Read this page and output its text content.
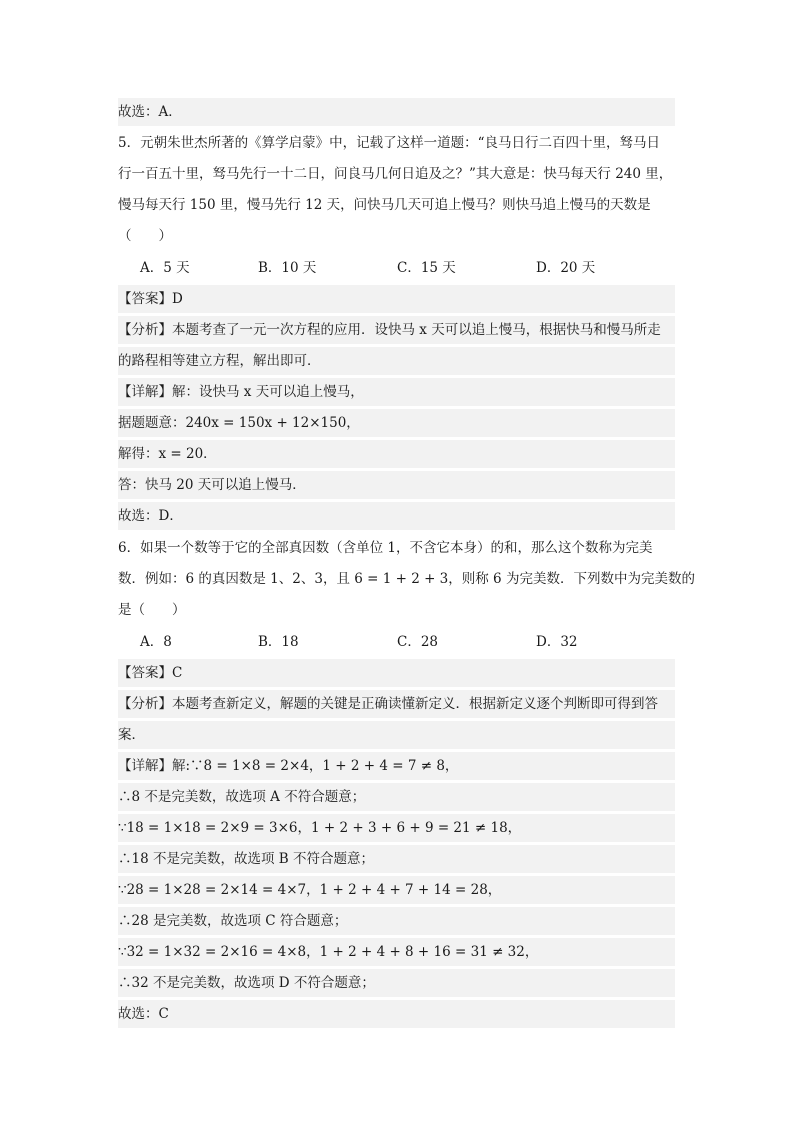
故选：A．
5．元朝朱世杰所著的《算学启蒙》中，记载了这样一道题：“良马日行二百四十里，驽马日
行一百五十里，驽马先行一十二日，问良马几何日追及之？”其大意是：快马每天行 240 里，
慢马每天行 150 里，慢马先行 12 天，问快马几天可追上慢马？则快马追上慢马的天数是
（　　）
A．5 天	B．10 天	C．15 天	D．20 天
【答案】D
【分析】本题考查了一元一次方程的应用．设快马 x 天可以追上慢马，根据快马和慢马所走
的路程相等建立方程，解出即可．
【详解】解：设快马 x 天可以追上慢马，
据题题意：240x = 150x + 12×150，
解得：x = 20．
答：快马 20 天可以追上慢马．
故选：D．
6．如果一个数等于它的全部真因数（含单位 1，不含它本身）的和，那么这个数称为完美
数．例如：6 的真因数是 1、2、3，且 6 = 1 + 2 + 3，则称 6 为完美数．下列数中为完美数的
是（　　）
A．8	B．18	C．28	D．32
【答案】C
【分析】本题考查新定义，解题的关键是正确读懂新定义．根据新定义逐个判断即可得到答
案．
【详解】解:∵8 = 1×8 = 2×4，1 + 2 + 4 = 7 ≠ 8，
∴8 不是完美数，故选项 A 不符合题意；
∵18 = 1×18 = 2×9 = 3×6，1 + 2 + 3 + 6 + 9 = 21 ≠ 18，
∴18 不是完美数，故选项 B 不符合题意；
∵28 = 1×28 = 2×14 = 4×7，1 + 2 + 4 + 7 + 14 = 28，
∴28 是完美数，故选项 C 符合题意；
∵32 = 1×32 = 2×16 = 4×8，1 + 2 + 4 + 8 + 16 = 31 ≠ 32，
∴32 不是完美数，故选项 D 不符合题意；
故选：C
